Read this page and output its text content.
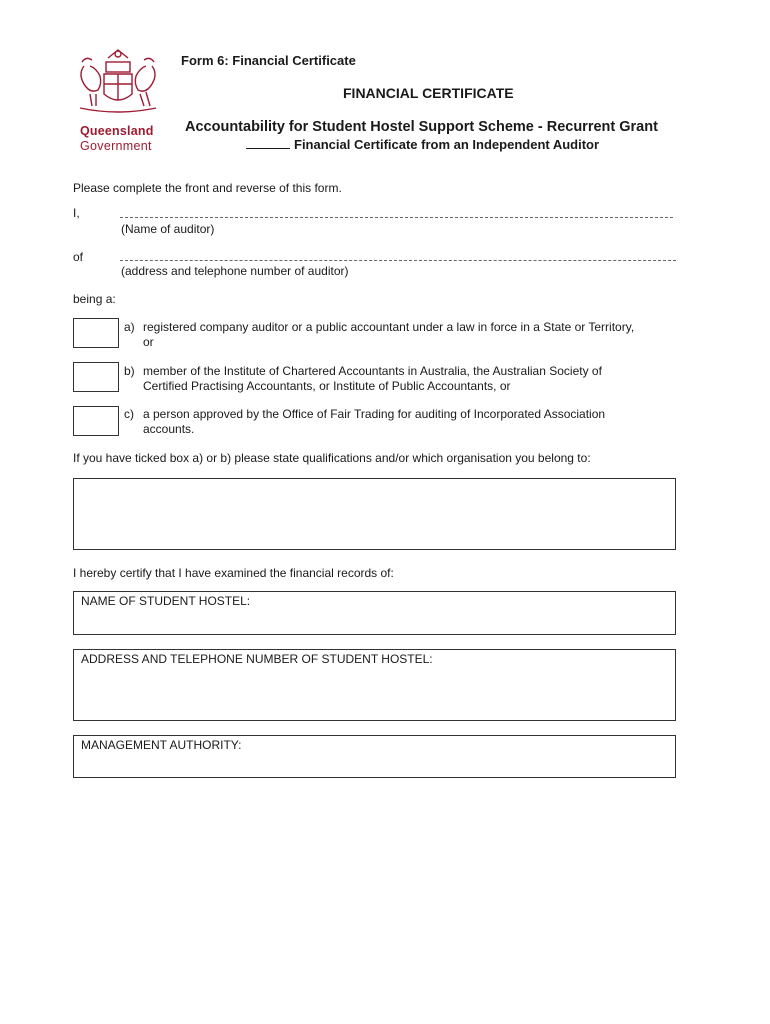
Queensland
Government
Form 6: Financial Certificate
FINANCIAL CERTIFICATE
Accountability for Student Hostel Support Scheme - Recurrent Grant
Financial Certificate from an Independent Auditor
Please complete the front and reverse of this form.
I,
(Name of auditor)
of
(address and telephone number of auditor)
being a:
a) registered company auditor or a public accountant under a law in force in a State or Territory,
or
b) member of the Institute of Chartered Accountants in Australia, the Australian Society of
Certified Practising Accountants, or Institute of Public Accountants, or
c) a person approved by the Office of Fair Trading for auditing of Incorporated Association
accounts.
If you have ticked box a) or b) please state qualifications and/or which organisation you belong to:
I hereby certify that I have examined the financial records of:
NAME OF STUDENT HOSTEL:
ADDRESS AND TELEPHONE NUMBER OF STUDENT HOSTEL:
MANAGEMENT AUTHORITY:
